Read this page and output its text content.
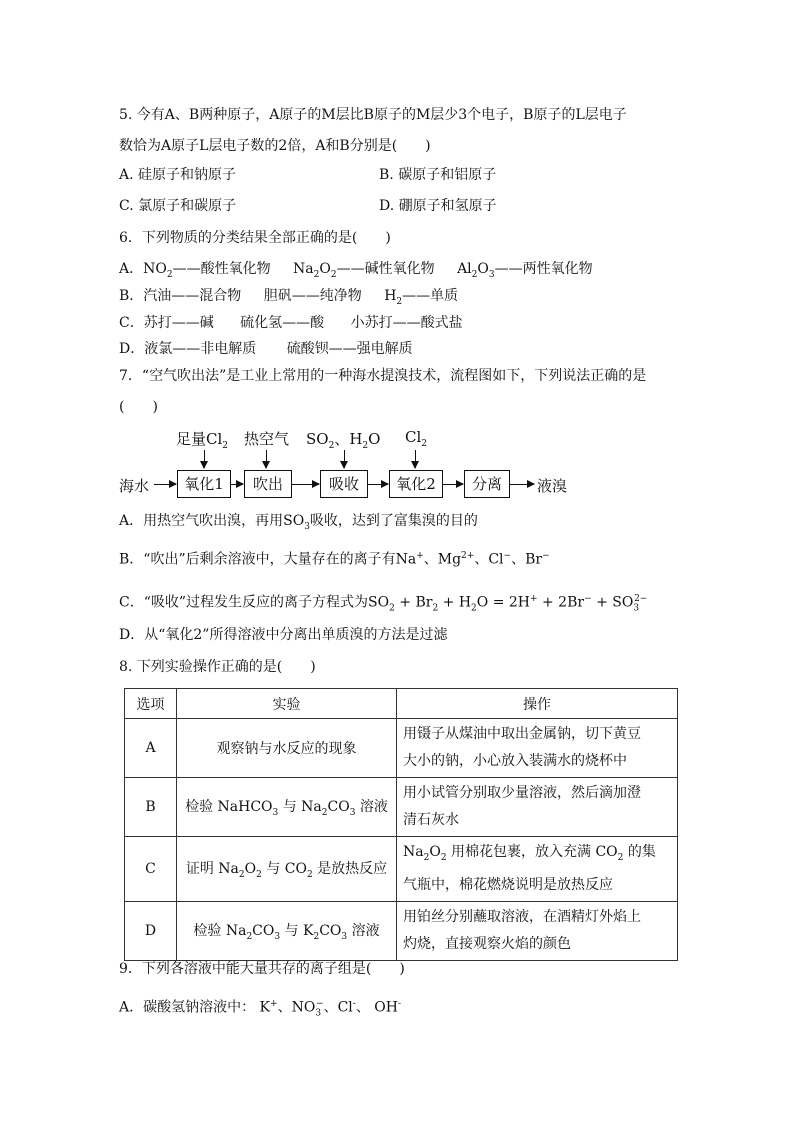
5. 今有A、B两种原子，A原子的M层比B原子的M层少3个电子，B原子的L层电子
数恰为A原子L层电子数的2倍，A和B分别是(　　)
A. 硅原子和钠原子	B. 碳原子和铝原子
C. 氯原子和碳原子	D. 硼原子和氢原子
6．下列物质的分类结果全部正确的是(　　)
A．$NO_2——$酸性氧化物 $Na_2O_2——$碱性氧化物 $Al_2O_3——$两性氧化物
B．汽油——混合物 胆矾——纯净物 $H_2——$单质
C．苏打——碱 硫化氢——酸 小苏打——酸式盐
D．液氯——非电解质 硫酸钡——强电解质
7．“空气吹出法”是工业上常用的一种海水提溴技术，流程图如下，下列说法正确的是
(　　)
足量$Cl_2$ 热空气 $SO_2$、$H_2O$ $Cl_2$
海水	氧化1	吹出	吸收	氧化2	分离	液溴
A．用热空气吹出溴，再用$SO_3$吸收，达到了富集溴的目的
B．“吹出”后剩余溶液中，大量存在的离子有Na+、$Mg^{2+}$、Cl−、Br−
C．“吸收”过程发生反应的离子方程式为$SO_2 + Br_2 + H_2O = 2H^+ + 2Br^- + SO_3^{2-}$
D．从“氧化2”所得溶液中分离出单质溴的方法是过滤
8. 下列实验操作正确的是(　　)
选项	实验	操作
A	观察钠与水反应的现象	用镊子从煤油中取出金属钠，切下黄豆
大小的钠，小心放入装满水的烧杯中

B	检验 NaHCO$_3$ 与 $Na_2CO_3$ 溶液	用小试管分别取少量溶液，然后滴加澄
清石灰水

C	证明 $Na_2O_2$ 与 $CO_2$ 是放热反应	$Na_2O_2$ 用棉花包裹，放入充满 $CO_2$ 的集
气瓶中，棉花燃烧说明是放热反应

D	检验 $Na_2CO_3$ 与 $K_2CO_3$ 溶液	用铂丝分别蘸取溶液，在酒精灯外焰上
灼烧，直接观察火焰的颜色
9．下列各溶液中能大量共存的离子组是(　　)
A．碳酸氢钠溶液中： K+、$NO_3^-$、Cl-、 OH-
